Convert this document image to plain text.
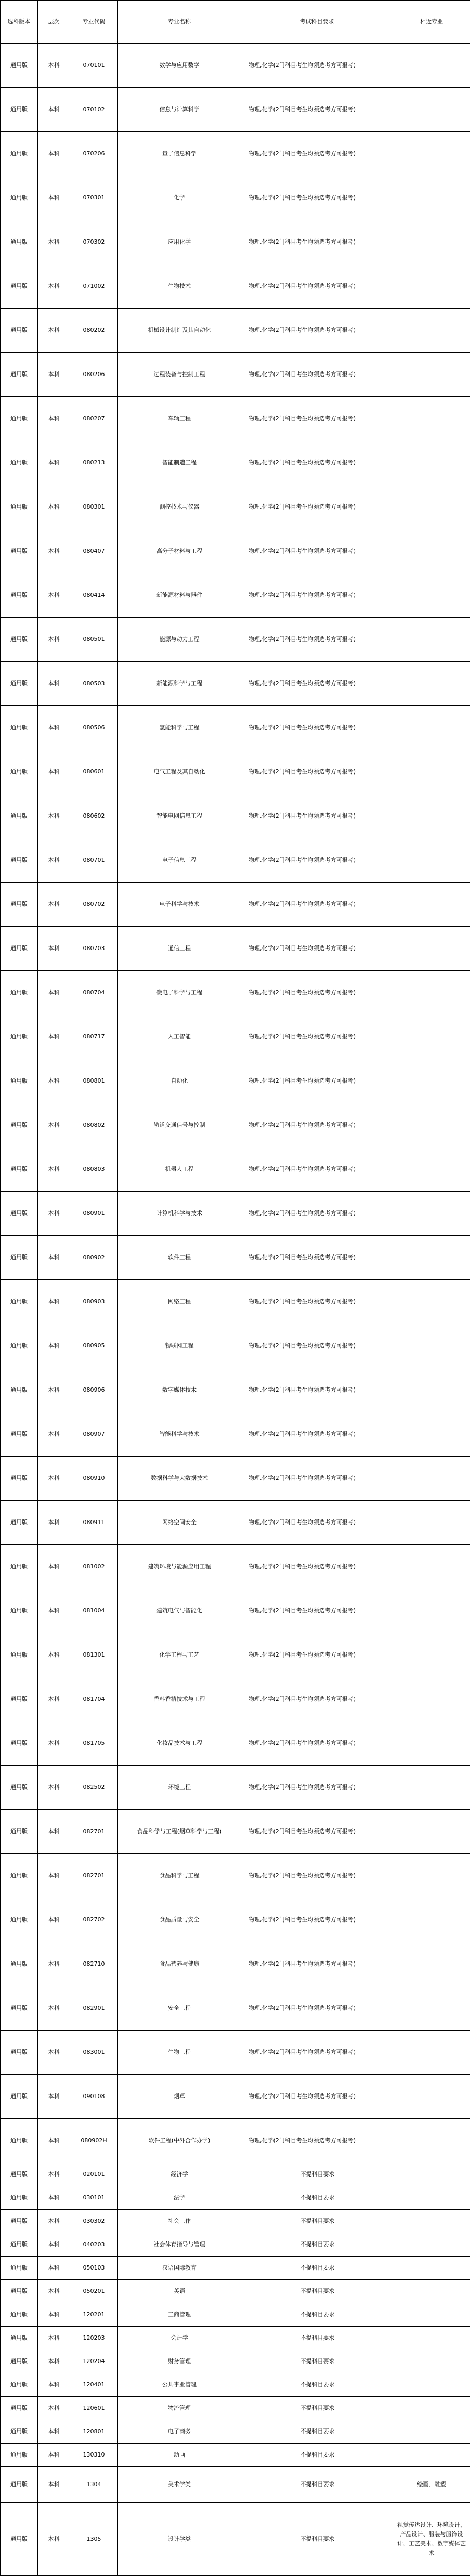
选科版本	层次	专业代码	专业名称	考试科目要求	相近专业
通用版	本科	070101	数学与应用数学	物理,化学(2门科目考生均须选考方可报考)	
通用版	本科	070102	信息与计算科学	物理,化学(2门科目考生均须选考方可报考)	
通用版	本科	070206	量子信息科学	物理,化学(2门科目考生均须选考方可报考)	
通用版	本科	070301	化学	物理,化学(2门科目考生均须选考方可报考)	
通用版	本科	070302	应用化学	物理,化学(2门科目考生均须选考方可报考)	
通用版	本科	071002	生物技术	物理,化学(2门科目考生均须选考方可报考)	
通用版	本科	080202	机械设计制造及其自动化	物理,化学(2门科目考生均须选考方可报考)	
通用版	本科	080206	过程装备与控制工程	物理,化学(2门科目考生均须选考方可报考)	
通用版	本科	080207	车辆工程	物理,化学(2门科目考生均须选考方可报考)	
通用版	本科	080213	智能制造工程	物理,化学(2门科目考生均须选考方可报考)	
通用版	本科	080301	测控技术与仪器	物理,化学(2门科目考生均须选考方可报考)	
通用版	本科	080407	高分子材料与工程	物理,化学(2门科目考生均须选考方可报考)	
通用版	本科	080414	新能源材料与器件	物理,化学(2门科目考生均须选考方可报考)	
通用版	本科	080501	能源与动力工程	物理,化学(2门科目考生均须选考方可报考)	
通用版	本科	080503	新能源科学与工程	物理,化学(2门科目考生均须选考方可报考)	
通用版	本科	080506	氢能科学与工程	物理,化学(2门科目考生均须选考方可报考)	
通用版	本科	080601	电气工程及其自动化	物理,化学(2门科目考生均须选考方可报考)	
通用版	本科	080602	智能电网信息工程	物理,化学(2门科目考生均须选考方可报考)	
通用版	本科	080701	电子信息工程	物理,化学(2门科目考生均须选考方可报考)	
通用版	本科	080702	电子科学与技术	物理,化学(2门科目考生均须选考方可报考)	
通用版	本科	080703	通信工程	物理,化学(2门科目考生均须选考方可报考)	
通用版	本科	080704	微电子科学与工程	物理,化学(2门科目考生均须选考方可报考)	
通用版	本科	080717	人工智能	物理,化学(2门科目考生均须选考方可报考)	
通用版	本科	080801	自动化	物理,化学(2门科目考生均须选考方可报考)	
通用版	本科	080802	轨道交通信号与控制	物理,化学(2门科目考生均须选考方可报考)	
通用版	本科	080803	机器人工程	物理,化学(2门科目考生均须选考方可报考)	
通用版	本科	080901	计算机科学与技术	物理,化学(2门科目考生均须选考方可报考)	
通用版	本科	080902	软件工程	物理,化学(2门科目考生均须选考方可报考)	
通用版	本科	080903	网络工程	物理,化学(2门科目考生均须选考方可报考)	
通用版	本科	080905	物联网工程	物理,化学(2门科目考生均须选考方可报考)	
通用版	本科	080906	数字媒体技术	物理,化学(2门科目考生均须选考方可报考)	
通用版	本科	080907	智能科学与技术	物理,化学(2门科目考生均须选考方可报考)	
通用版	本科	080910	数据科学与大数据技术	物理,化学(2门科目考生均须选考方可报考)	
通用版	本科	080911	网络空间安全	物理,化学(2门科目考生均须选考方可报考)	
通用版	本科	081002	建筑环境与能源应用工程	物理,化学(2门科目考生均须选考方可报考)	
通用版	本科	081004	建筑电气与智能化	物理,化学(2门科目考生均须选考方可报考)	
通用版	本科	081301	化学工程与工艺	物理,化学(2门科目考生均须选考方可报考)	
通用版	本科	081704	香料香精技术与工程	物理,化学(2门科目考生均须选考方可报考)	
通用版	本科	081705	化妆品技术与工程	物理,化学(2门科目考生均须选考方可报考)	
通用版	本科	082502	环境工程	物理,化学(2门科目考生均须选考方可报考)	
通用版	本科	082701	食品科学与工程(烟草科学与工程)	物理,化学(2门科目考生均须选考方可报考)	
通用版	本科	082701	食品科学与工程	物理,化学(2门科目考生均须选考方可报考)	
通用版	本科	082702	食品质量与安全	物理,化学(2门科目考生均须选考方可报考)	
通用版	本科	082710	食品营养与健康	物理,化学(2门科目考生均须选考方可报考)	
通用版	本科	082901	安全工程	物理,化学(2门科目考生均须选考方可报考)	
通用版	本科	083001	生物工程	物理,化学(2门科目考生均须选考方可报考)	
通用版	本科	090108	烟草	物理,化学(2门科目考生均须选考方可报考)	
通用版	本科	080902H	软件工程(中外合作办学)	物理,化学(2门科目考生均须选考方可报考)	
通用版	本科	020101	经济学	不提科目要求	
通用版	本科	030101	法学	不提科目要求	
通用版	本科	030302	社会工作	不提科目要求	
通用版	本科	040203	社会体育指导与管理	不提科目要求	
通用版	本科	050103	汉语国际教育	不提科目要求	
通用版	本科	050201	英语	不提科目要求	
通用版	本科	120201	工商管理	不提科目要求	
通用版	本科	120203	会计学	不提科目要求	
通用版	本科	120204	财务管理	不提科目要求	
通用版	本科	120401	公共事业管理	不提科目要求	
通用版	本科	120601	物流管理	不提科目要求	
通用版	本科	120801	电子商务	不提科目要求	
通用版	本科	130310	动画	不提科目要求	
通用版	本科	1304	美术学类	不提科目要求	绘画、雕塑
通用版	本科	1305	设计学类	不提科目要求	视觉传达设计、环境设计、产品设计、服装与服饰设计、工艺美术、数字媒体艺术
